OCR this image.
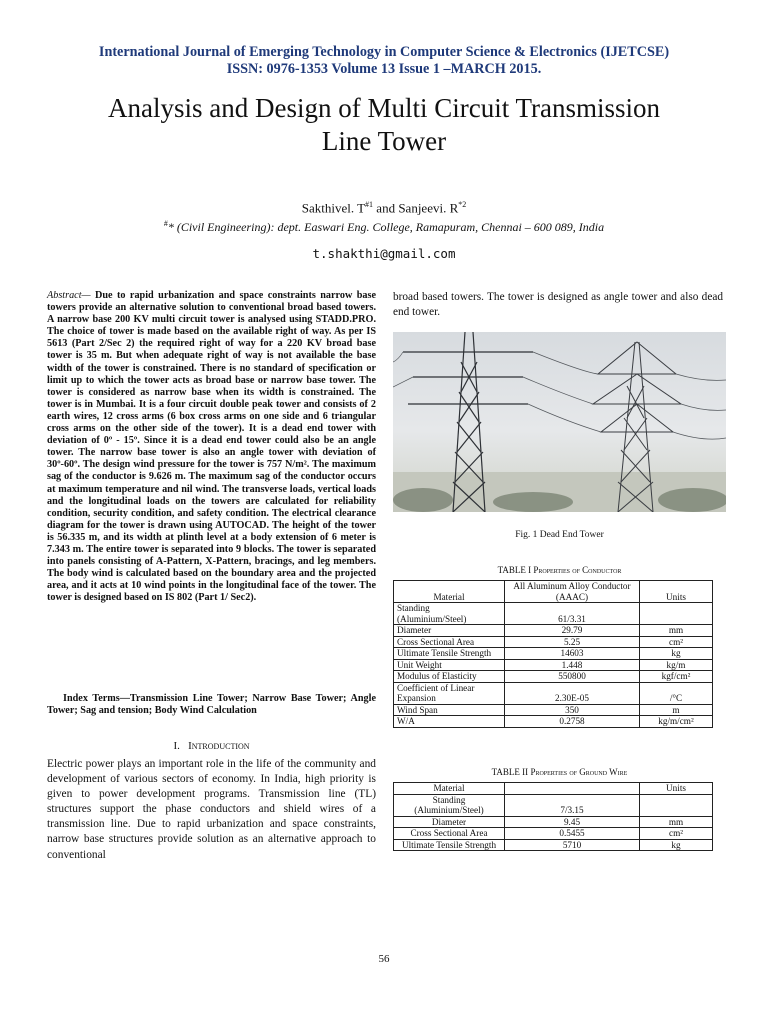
International Journal of Emerging Technology in Computer Science & Electronics (IJETCSE)
ISSN: 0976-1353 Volume 13 Issue 1 –MARCH 2015.
Analysis and Design of Multi Circuit Transmission
Line Tower
Sakthivel. $T^{\#1}$ and Sanjeevi. $R^{*2}$
#* (Civil Engineering): dept. Easwari Eng. College, Ramapuram, Chennai – 600 089, India
t.shakthi@gmail.com
Abstract— Due to rapid urbanization and space constraints narrow base towers provide an alternative solution to conventional broad based towers. A narrow base 200 KV multi circuit tower is analysed using STADD.PRO. The choice of tower is made based on the available right of way. As per IS 5613 (Part 2/Sec 2) the required right of way for a 220 KV broad base tower is 35 m. But when adequate right of way is not available the base width of the tower is constrained. There is no standard of specification or limit up to which the tower acts as broad base or narrow base tower. The tower is considered as narrow base when its width is constrained. The tower is in Mumbai. It is a four circuit double peak tower and consists of 2 earth wires, 12 cross arms (6 box cross arms on one side and 6 triangular cross arms on the other side of the tower). It is a dead end tower with deviation of 0º - 15º. Since it is a dead end tower could also be an angle tower. The narrow base tower is also an angle tower with deviation of 30º-60º. The design wind pressure for the tower is 757 N/m². The maximum sag of the conductor is 9.626 m. The maximum sag of the conductor occurs at maximum temperature and nil wind. The transverse loads, vertical loads and the longitudinal loads on the towers are calculated for reliability condition, security condition, and safety condition. The electrical clearance diagram for the tower is drawn using AUTOCAD. The height of the tower is 56.335 m, and its width at plinth level at a body extension of 6 meter is 7.343 m. The entire tower is separated into 9 blocks. The tower is separated into panels consisting of A-Pattern, X-Pattern, bracings, and leg members. The body wind is calculated based on the boundary area and the projected area, and it acts at 10 wind points in the longitudinal face of the tower. The tower is designed based on IS 802 (Part 1/ Sec2).
Index Terms—Transmission Line Tower; Narrow Base Tower; Angle Tower; Sag and tension; Body Wind Calculation
I. Introduction
Electric power plays an important role in the life of the community and development of various sectors of economy. In India, high priority is given to power development programs. Transmission line (TL) structures support the phase conductors and shield wires of a transmission line. Due to rapid urbanization and space constraints, narrow base structures provide solution as an alternative approach to conventional
broad based towers. The tower is designed as angle tower and also dead end tower.
Fig. 1 Dead End Tower
TABLE I Properties of Conductor
Material	All Aluminum Alloy Conductor (AAAC)	Units
Standing (Aluminium/Steel)	61/3.31	
Diameter	29.79	mm
Cross Sectional Area	5.25	cm²
Ultimate Tensile Strength	14603	kg
Unit Weight	1.448	kg/m
Modulus of Elasticity	550800	kgf/cm²
Coefficient of Linear Expansion	2.30E-05	/°C
Wind Span	350	m
W/A	0.2758	kg/m/cm²
TABLE II Properties of Ground Wire
Material		Units
Standing (Aluminium/Steel)	7/3.15	
Diameter	9.45	mm
Cross Sectional Area	0.5455	cm²
Ultimate Tensile Strength	5710	kg
56
